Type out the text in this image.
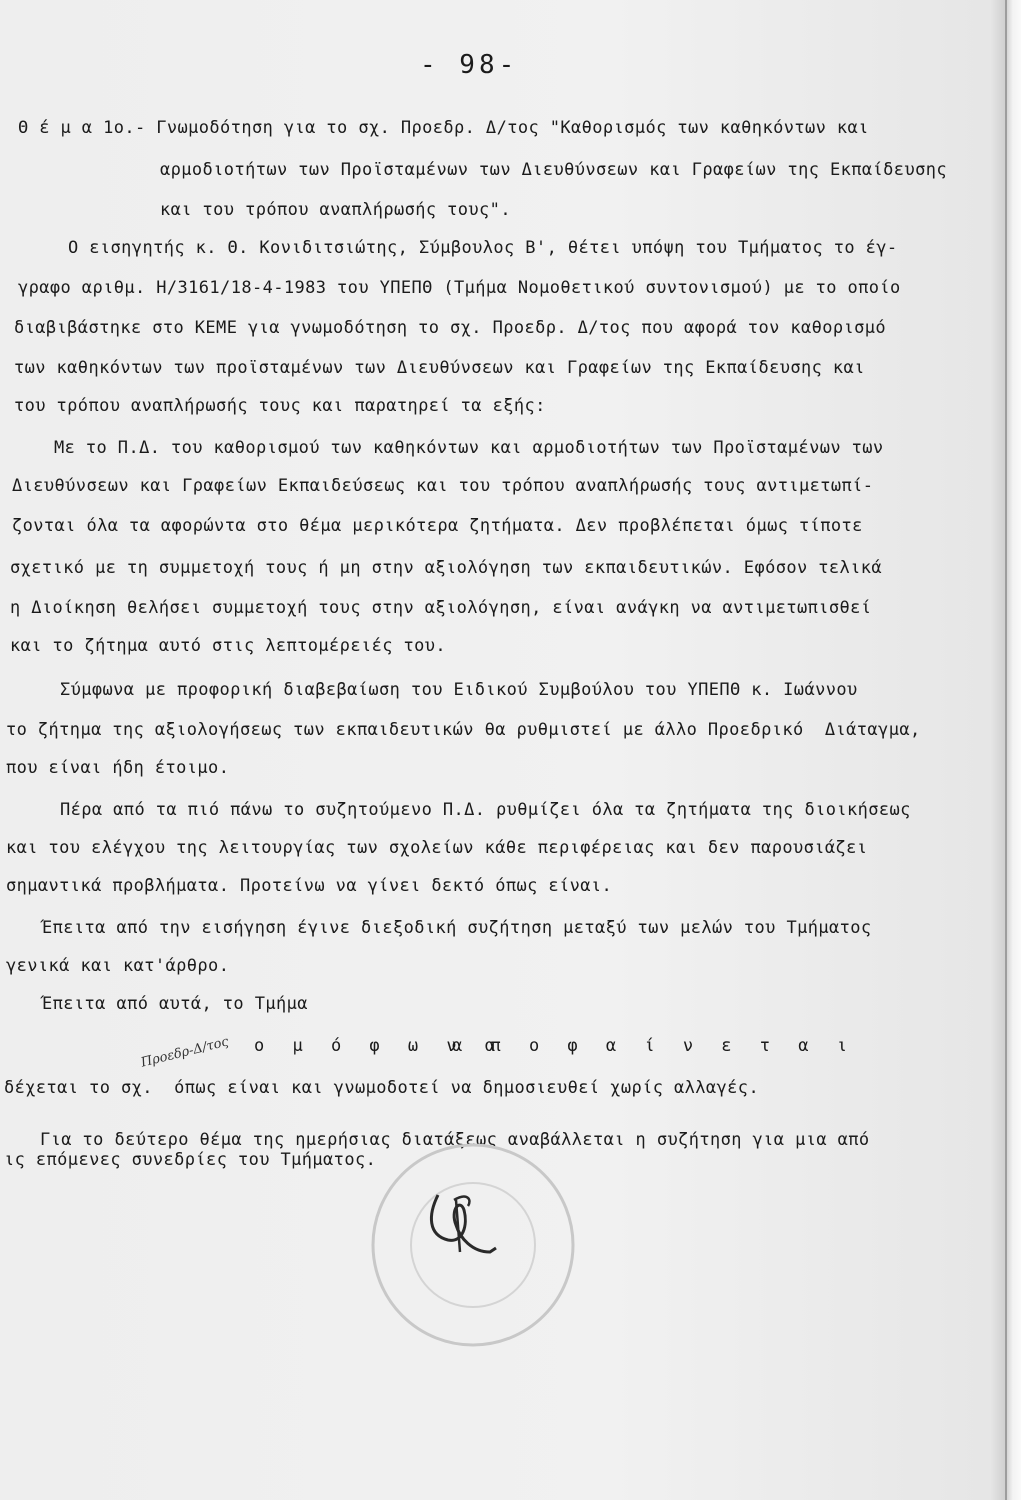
- 98-
Θ έ μ α 1ο.- Γνωμοδότηση για το σχ. Προεδρ. Δ/τος "Καθορισμός των καθηκόντων και
αρμοδιοτήτων των Προϊσταμένων των Διευθύνσεων και Γραφείων της Εκπαίδευσης
και του τρόπου αναπλήρωσής τους".
Ο εισηγητής κ. Θ. Κονιδιτσιώτης, Σύμβουλος Β', θέτει υπόψη του Τμήματος το έγ-
γραφο αριθμ. Η/3161/18-4-1983 του ΥΠΕΠΘ (Τμήμα Νομοθετικού συντονισμού) με το οποίο
διαβιβάστηκε στο ΚΕΜΕ για γνωμοδότηση το σχ. Προεδρ. Δ/τος που αφορά τον καθορισμό
των καθηκόντων των προϊσταμένων των Διευθύνσεων και Γραφείων της Εκπαίδευσης και
του τρόπου αναπλήρωσής τους και παρατηρεί τα εξής:
Με το Π.Δ. του καθορισμού των καθηκόντων και αρμοδιοτήτων των Προϊσταμένων των
Διευθύνσεων και Γραφείων Εκπαιδεύσεως και του τρόπου αναπλήρωσής τους αντιμετωπί-
ζονται όλα τα αφορώντα στο θέμα μερικότερα ζητήματα. Δεν προβλέπεται όμως τίποτε
σχετικό με τη συμμετοχή τους ή μη στην αξιολόγηση των εκπαιδευτικών. Εφόσον τελικά
η Διοίκηση θελήσει συμμετοχή τους στην αξιολόγηση, είναι ανάγκη να αντιμετωπισθεί
και το ζήτημα αυτό στις λεπτομέρειές του.
Σύμφωνα με προφορική διαβεβαίωση του Ειδικού Συμβούλου του ΥΠΕΠΘ κ. Ιωάννου
το ζήτημα της αξιολογήσεως των εκπαιδευτικών θα ρυθμιστεί με άλλο Προεδρικό  Διάταγμα,
που είναι ήδη έτοιμο.
Πέρα από τα πιό πάνω το συζητούμενο Π.Δ. ρυθμίζει όλα τα ζητήματα της διοικήσεως
και του ελέγχου της λειτουργίας των σχολείων κάθε περιφέρειας και δεν παρουσιάζει
σημαντικά προβλήματα. Προτείνω να γίνει δεκτό όπως είναι.
Έπειτα από την εισήγηση έγινε διεξοδική συζήτηση μεταξύ των μελών του Τμήματος
γενικά και κατ'άρθρο.
Έπειτα από αυτά, το Τμήμα
δέχεται το σχ.  όπως είναι και γνωμοδοτεί να δημοσιευθεί χωρίς αλλαγές.
Για το δεύτερο θέμα της ημερήσιας διατάξεως αναβάλλεται η συζήτηση για μια από
ις επόμενες συνεδρίες του Τμήματος.
ο μ ό φ ω ν α
α π ο φ α ί ν ε τ α ι
Προεδρ-Δ/τος
